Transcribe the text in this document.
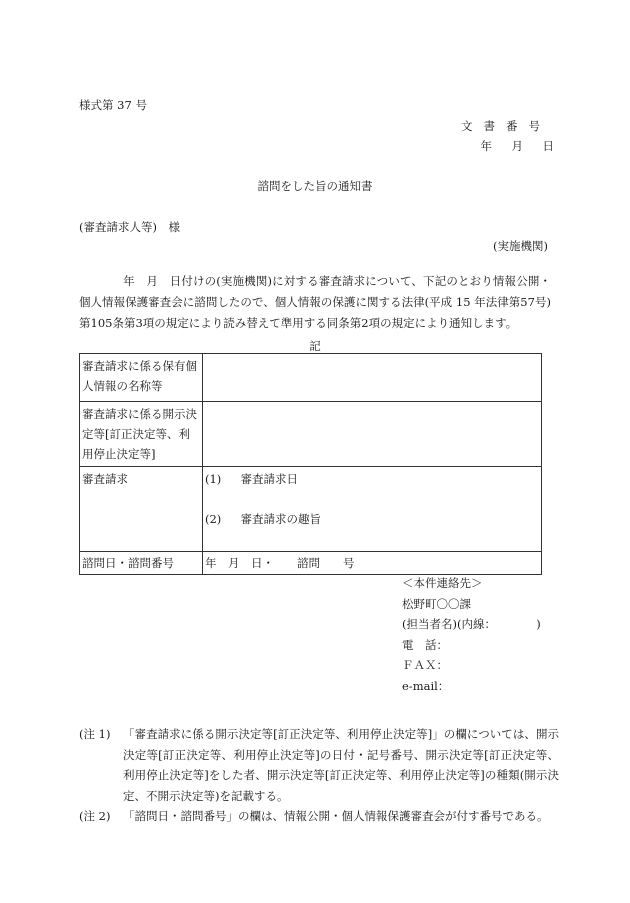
様式第 37 号
文書番号
年　月　日
諮問をした旨の通知書
(審査請求人等)　様
(実施機関)
年　月　日付けの(実施機関)に対する審査請求について、下記のとおり情報公開・個人情報保護審査会に諮問したので、個人情報の保護に関する法律(平成 15 年法律第57号)第105条第3項の規定により読み替えて準用する同条第2項の規定により通知します。
記
審査請求に係る保有個人情報の名称等	
審査請求に係る開示決定等[訂正決定等、利用停止決定等]	
審査請求	(1)　 審査請求日
(2)　 審査請求の趣旨

諮問日・諮問番号	年　月　日・　　諮問　　号
＜本件連絡先＞
松野町〇〇課
(担当者名)(内線：　　　　)
電　話：
ＦＡＸ：
e-mail：
(注 1)	「審査請求に係る開示決定等[訂正決定等、利用停止決定等]」の欄については、開示決定等[訂正決定等、利用停止決定等]の日付・記号番号、開示決定等[訂正決定等、利用停止決定等]をした者、開示決定等[訂正決定等、利用停止決定等]の種類(開示決定、不開示決定等)を記載する。
(注 2)	「諮問日・諮問番号」の欄は、情報公開・個人情報保護審査会が付す番号である。
